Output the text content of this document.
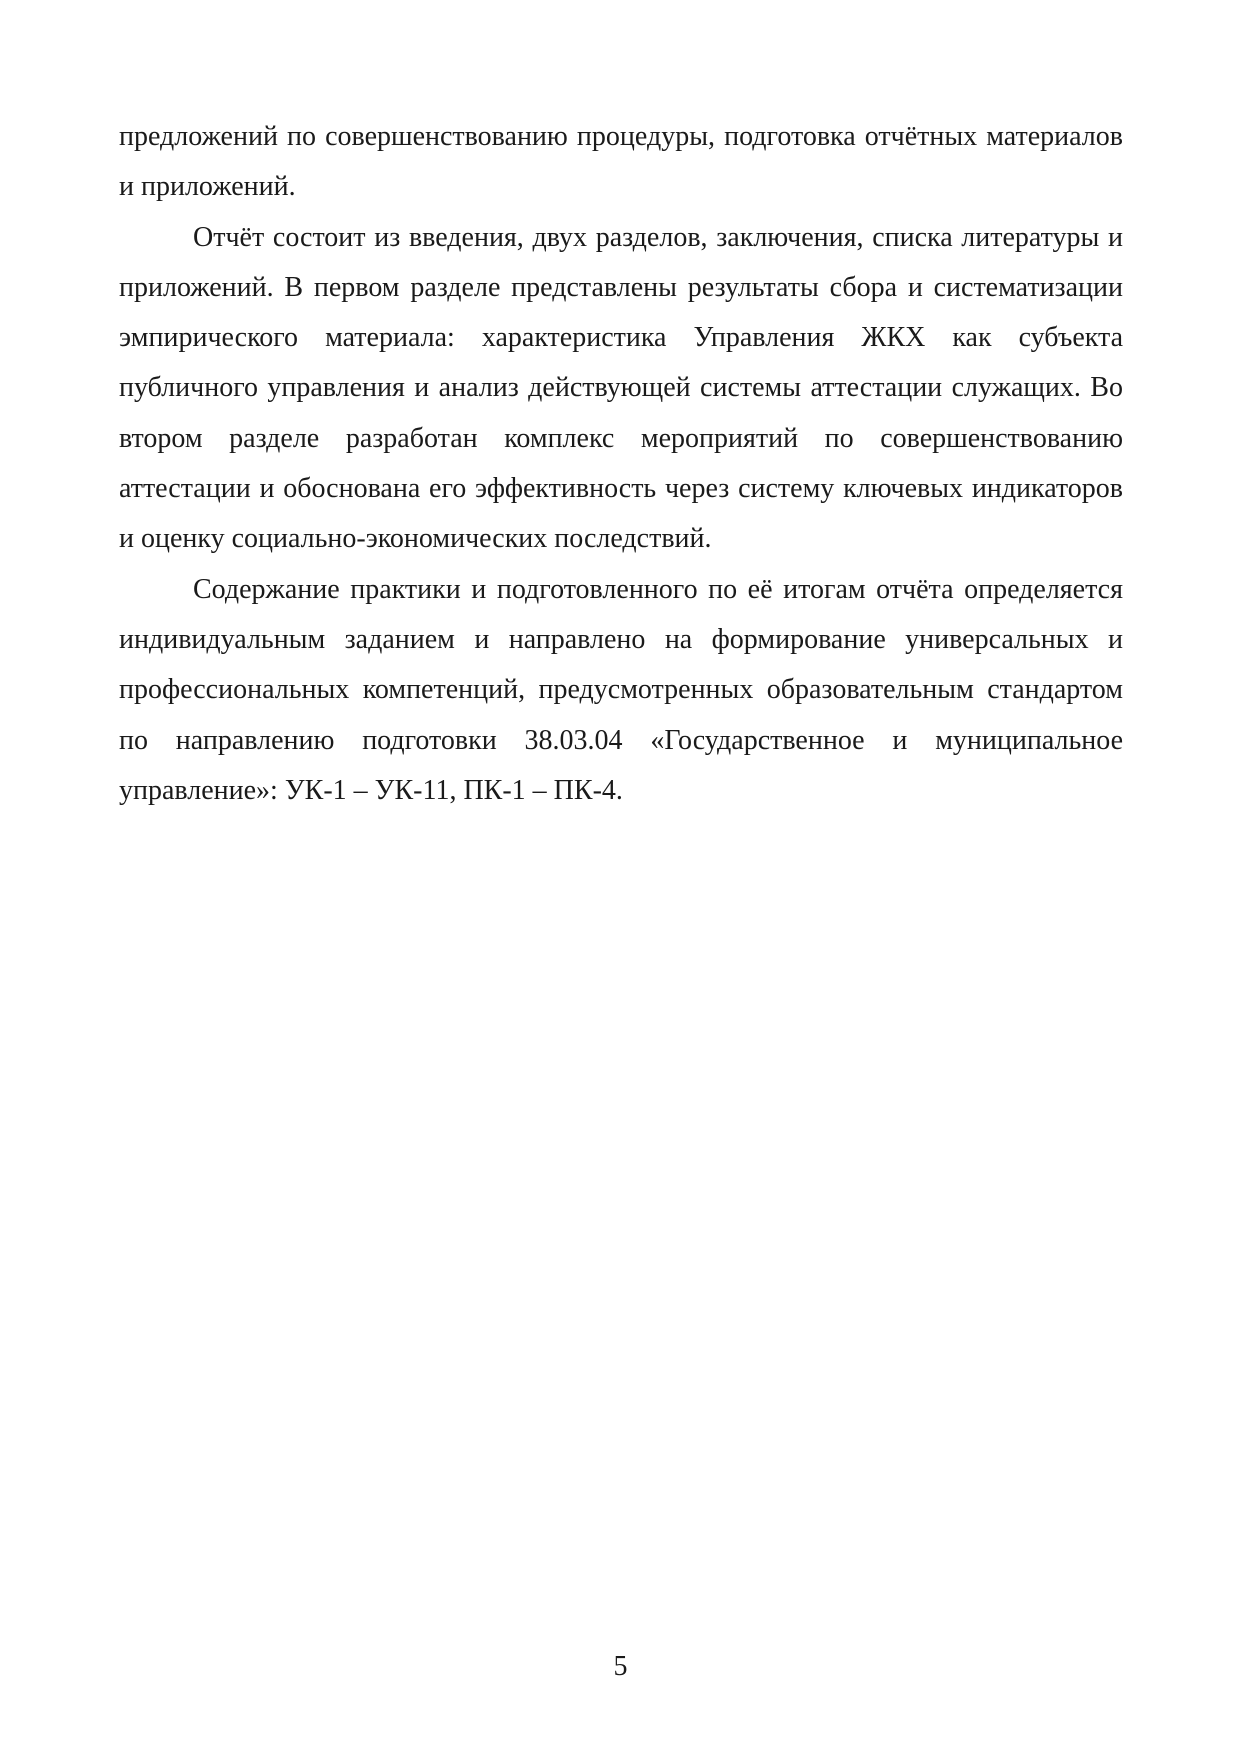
предложений по совершенствованию процедуры, подготовка отчётных материалов и приложений.

Отчёт состоит из введения, двух разделов, заключения, списка литературы и приложений. В первом разделе представлены результаты сбора и систематизации эмпирического материала: характеристика Управления ЖКХ как субъекта публичного управления и анализ действующей системы аттестации служащих. Во втором разделе разработан комплекс мероприятий по совершенствованию аттестации и обоснована его эффективность через систему ключевых индикаторов и оценку социально-экономических последствий.

Содержание практики и подготовленного по её итогам отчёта определяется индивидуальным заданием и направлено на формирование универсальных и профессиональных компетенций, предусмотренных образовательным стандартом по направлению подготовки 38.03.04 «Государственное и муниципальное управление»: УК-1 – УК-11, ПК-1 – ПК-4.

5
